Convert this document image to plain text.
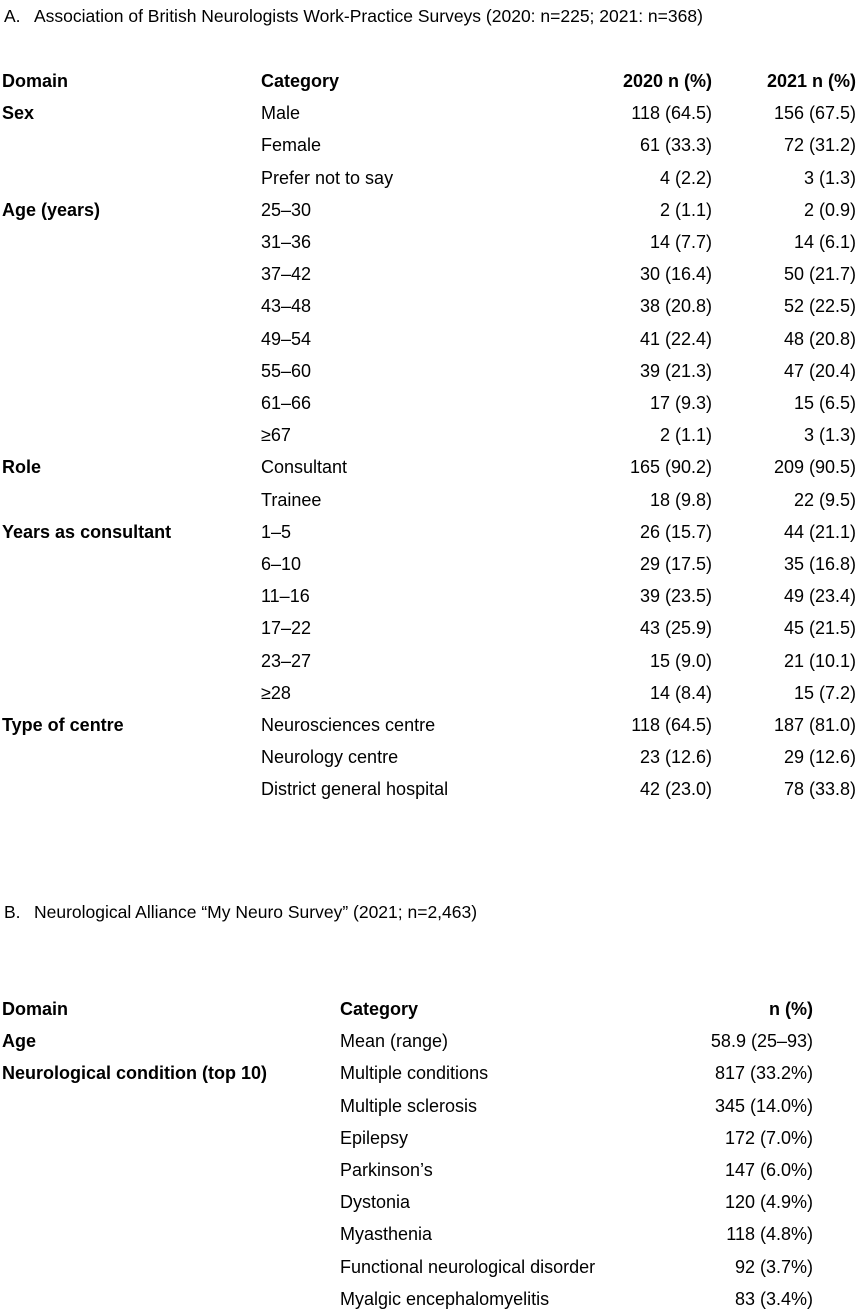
A. Association of British Neurologists Work-Practice Surveys (2020: n=225; 2021: n=368)
Domain	Category	2020 n (%)	2021 n (%)
Sex	Male	118 (64.5)	156 (67.5)
	Female	61 (33.3)	72 (31.2)
	Prefer not to say	4 (2.2)	3 (1.3)
Age (years)	25–30	2 (1.1)	2 (0.9)
	31–36	14 (7.7)	14 (6.1)
	37–42	30 (16.4)	50 (21.7)
	43–48	38 (20.8)	52 (22.5)
	49–54	41 (22.4)	48 (20.8)
	55–60	39 (21.3)	47 (20.4)
	61–66	17 (9.3)	15 (6.5)
	≥67	2 (1.1)	3 (1.3)
Role	Consultant	165 (90.2)	209 (90.5)
	Trainee	18 (9.8)	22 (9.5)
Years as consultant	1–5	26 (15.7)	44 (21.1)
	6–10	29 (17.5)	35 (16.8)
	11–16	39 (23.5)	49 (23.4)
	17–22	43 (25.9)	45 (21.5)
	23–27	15 (9.0)	21 (10.1)
	≥28	14 (8.4)	15 (7.2)
Type of centre	Neurosciences centre	118 (64.5)	187 (81.0)
	Neurology centre	23 (12.6)	29 (12.6)
	District general hospital	42 (23.0)	78 (33.8)
B. Neurological Alliance “My Neuro Survey” (2021; n=2,463)
Domain	Category	n (%)
Age	Mean (range)	58.9 (25–93)
Neurological condition (top 10)	Multiple conditions	817 (33.2%)
	Multiple sclerosis	345 (14.0%)
	Epilepsy	172 (7.0%)
	Parkinson’s	147 (6.0%)
	Dystonia	120 (4.9%)
	Myasthenia	118 (4.8%)
	Functional neurological disorder	92 (3.7%)
	Myalgic encephalomyelitis	83 (3.4%)
